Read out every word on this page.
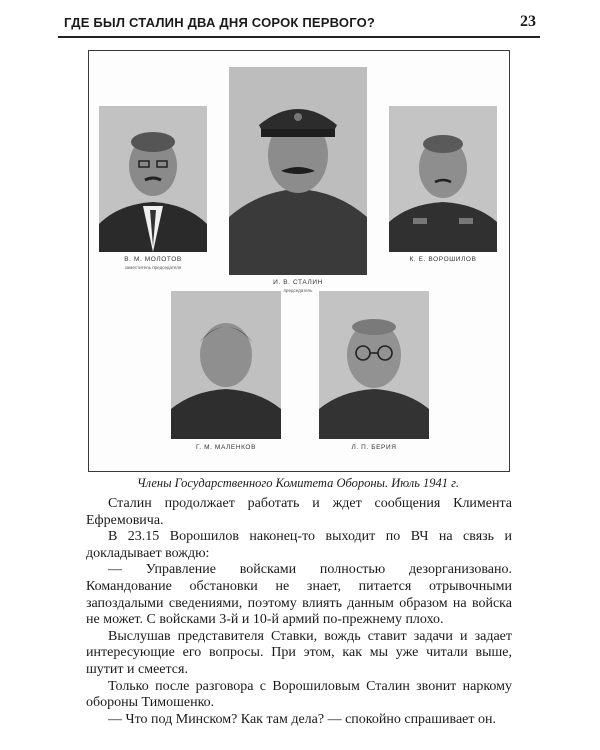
ГДЕ БЫЛ СТАЛИН ДВА ДНЯ СОРОК ПЕРВОГО?	23
В. М. МОЛОТОВ
заместитель председателя
И. В. СТАЛИН
председатель
К. Е. ВОРОШИЛОВ
Г. М. МАЛЕНКОВ	Л. П. БЕРИЯ
Члены Государственного Комитета Обороны. Июль 1941 г.

Сталин продолжает работать и ждет сообщения Климента Ефремовича.

В 23.15 Ворошилов наконец-то выходит по ВЧ на связь и докладывает вождю:

— Управление войсками полностью дезорганизовано. Командование обстановки не знает, питается отрывочными запоздалыми сведениями, поэтому влиять данным образом на войска не может. С войсками 3-й и 10-й армий по-прежнему плохо.

Выслушав представителя Ставки, вождь ставит задачи и задает интересующие его вопросы. При этом, как мы уже читали выше, шутит и смеется.

Только после разговора с Ворошиловым Сталин звонит наркому обороны Тимошенко.

— Что под Минском? Как там дела? — спокойно спрашивает он.
